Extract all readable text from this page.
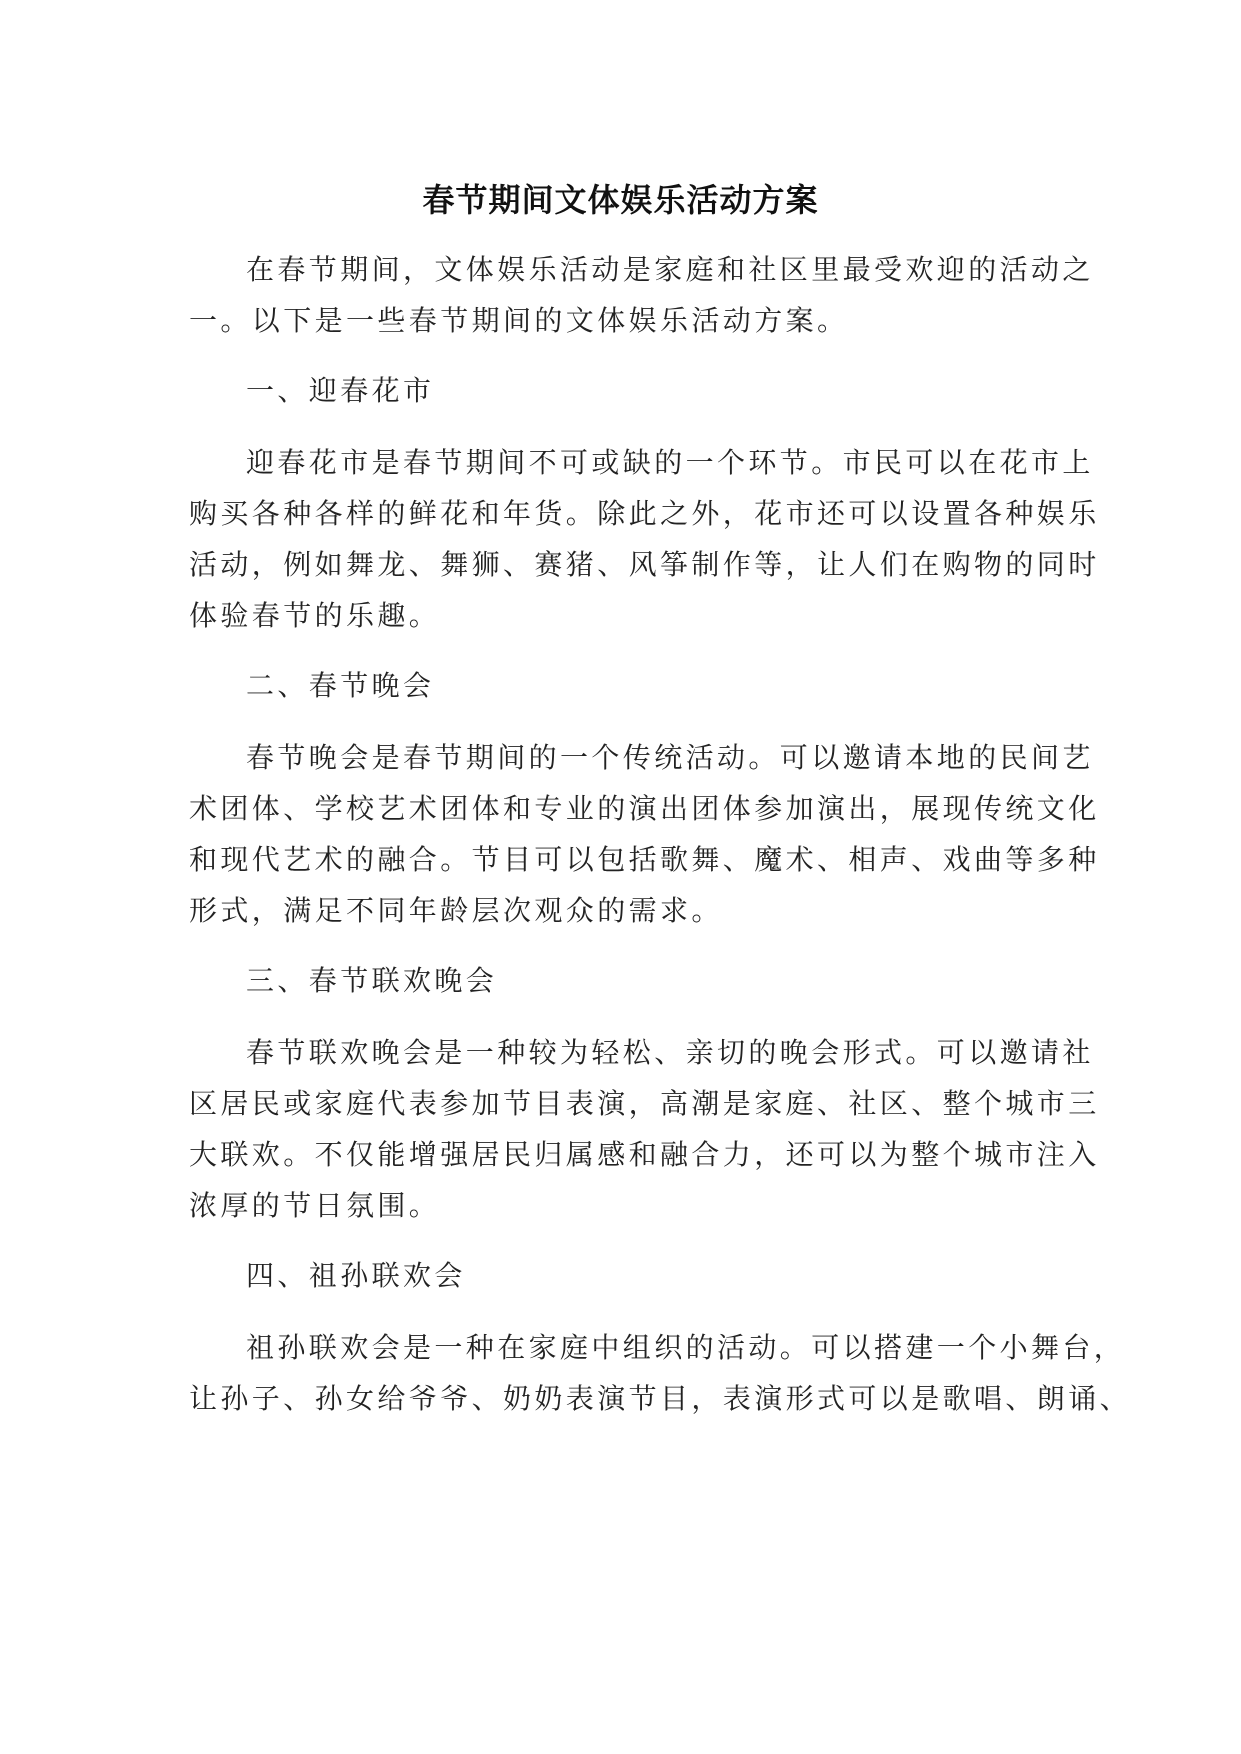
春节期间文体娱乐活动方案
在春节期间，文体娱乐活动是家庭和社区里最受欢迎的活动之
一。以下是一些春节期间的文体娱乐活动方案。
一、迎春花市
迎春花市是春节期间不可或缺的一个环节。市民可以在花市上
购买各种各样的鲜花和年货。除此之外，花市还可以设置各种娱乐
活动，例如舞龙、舞狮、赛猪、风筝制作等，让人们在购物的同时
体验春节的乐趣。
二、春节晚会
春节晚会是春节期间的一个传统活动。可以邀请本地的民间艺
术团体、学校艺术团体和专业的演出团体参加演出，展现传统文化
和现代艺术的融合。节目可以包括歌舞、魔术、相声、戏曲等多种
形式，满足不同年龄层次观众的需求。
三、春节联欢晚会
春节联欢晚会是一种较为轻松、亲切的晚会形式。可以邀请社
区居民或家庭代表参加节目表演，高潮是家庭、社区、整个城市三
大联欢。不仅能增强居民归属感和融合力，还可以为整个城市注入
浓厚的节日氛围。
四、祖孙联欢会
祖孙联欢会是一种在家庭中组织的活动。可以搭建一个小舞台，
让孙子、孙女给爷爷、奶奶表演节目，表演形式可以是歌唱、朗诵、
